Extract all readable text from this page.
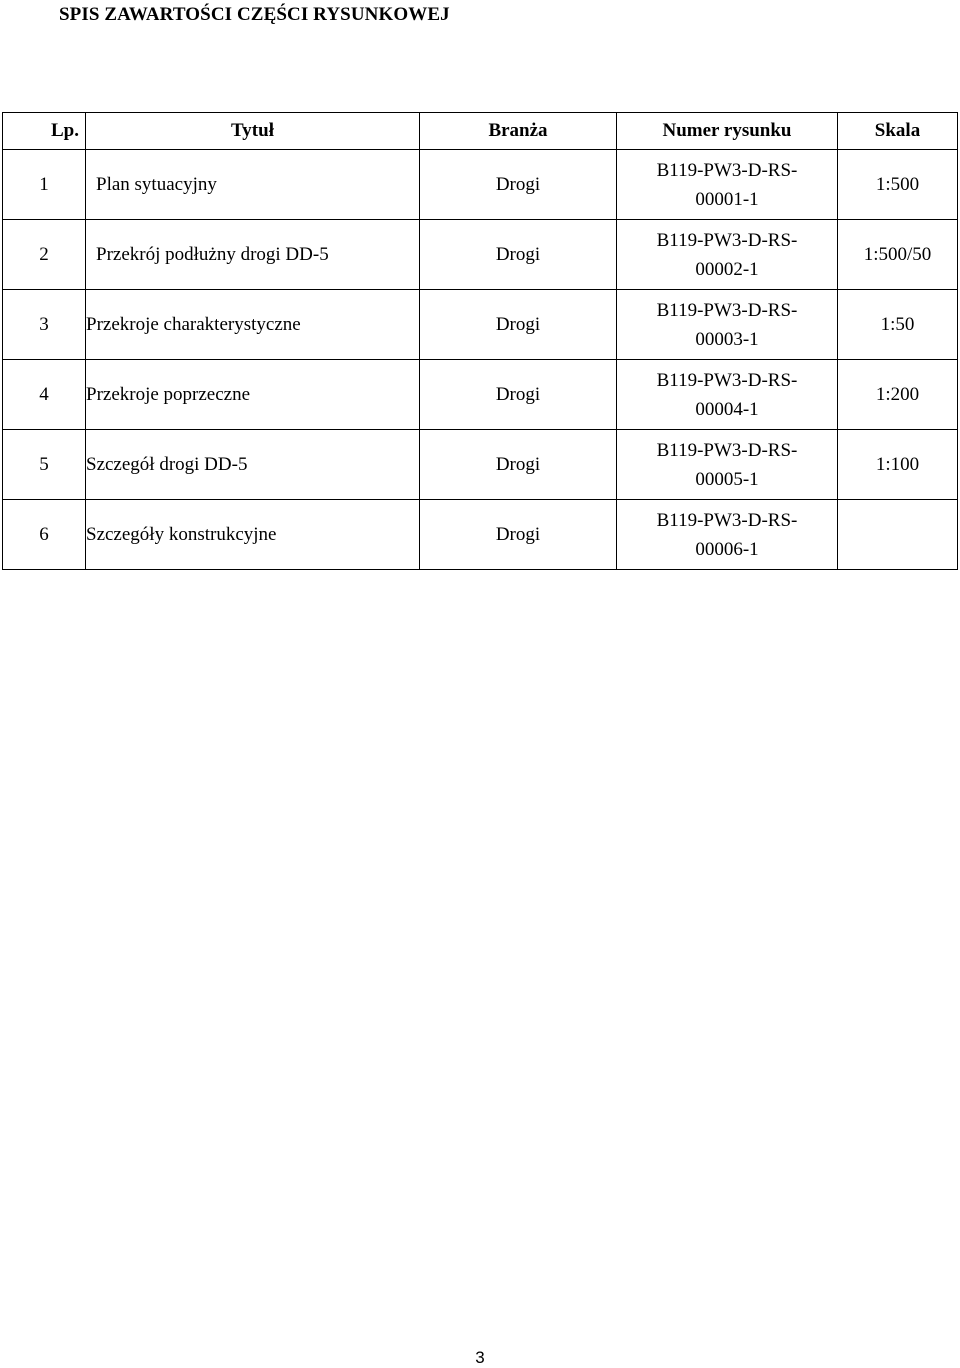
SPIS ZAWARTOŚCI CZĘŚCI RYSUNKOWEJ
Lp.	Tytuł	Branża	Numer rysunku	Skala
1	Plan sytuacyjny	Drogi	B119-PW3-D-RS-
00001-1	1:500
2	Przekrój podłużny drogi DD-5	Drogi	B119-PW3-D-RS-
00002-1	1:500/50
3	Przekroje charakterystyczne	Drogi	B119-PW3-D-RS-
00003-1	1:50
4	Przekroje poprzeczne	Drogi	B119-PW3-D-RS-
00004-1	1:200
5	Szczegół drogi DD-5	Drogi	B119-PW3-D-RS-
00005-1	1:100
6	Szczegóły konstrukcyjne	Drogi	B119-PW3-D-RS-
00006-1	
3
